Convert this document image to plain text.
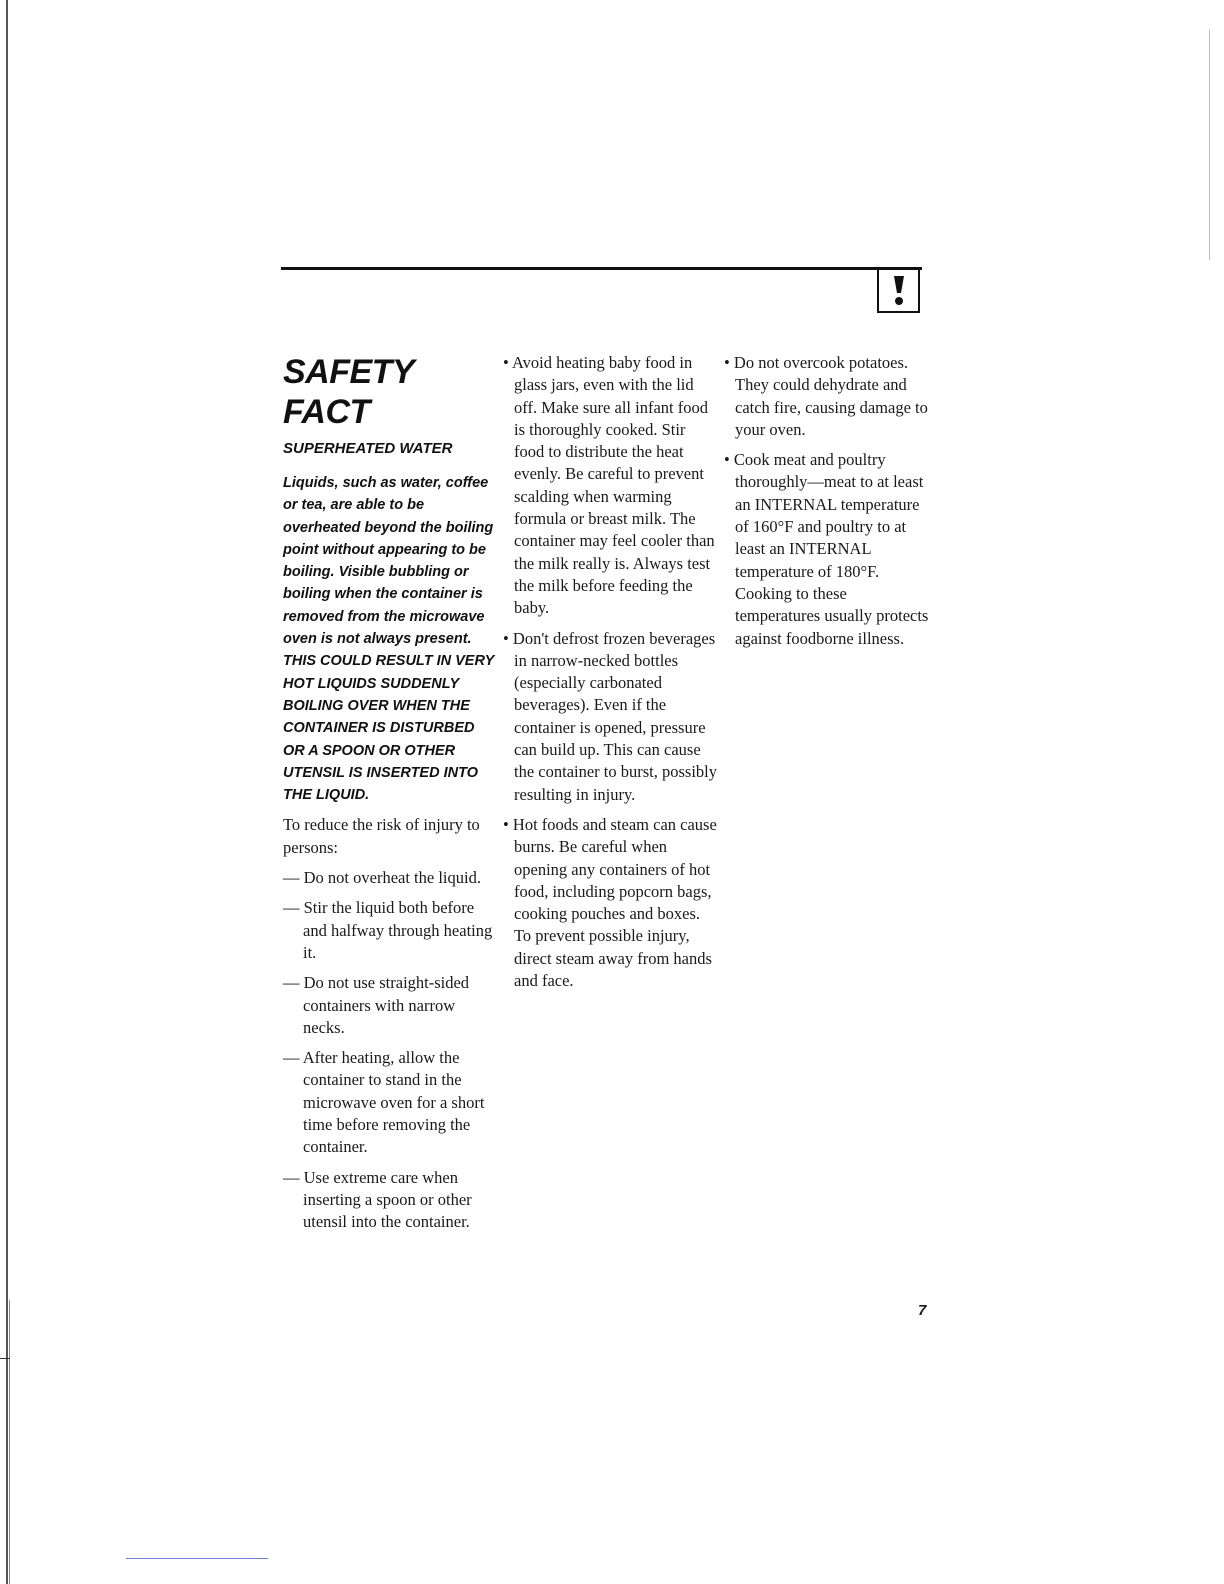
SAFETY FACT
SUPERHEATED WATER

Liquids, such as water, coffee or tea, are able to be overheated beyond the boiling point without appearing to be boiling. Visible bubbling or boiling when the container is removed from the microwave oven is not always present. THIS COULD RESULT IN VERY HOT LIQUIDS SUDDENLY BOILING OVER WHEN THE CONTAINER IS DISTURBED OR A SPOON OR OTHER UTENSIL IS INSERTED INTO THE LIQUID.

To reduce the risk of injury to persons:

— Do not overheat the liquid.

— Stir the liquid both before and halfway through heating it.

— Do not use straight-sided containers with narrow necks.

— After heating, allow the container to stand in the microwave oven for a short time before removing the container.

— Use extreme care when inserting a spoon or other utensil into the container.

• Avoid heating baby food in glass jars, even with the lid off. Make sure all infant food is thoroughly cooked. Stir food to distribute the heat evenly. Be careful to prevent scalding when warming formula or breast milk. The container may feel cooler than the milk really is. Always test the milk before feeding the baby.

• Don't defrost frozen beverages in narrow-necked bottles (especially carbonated beverages). Even if the container is opened, pressure can build up. This can cause the container to burst, possibly resulting in injury.

• Hot foods and steam can cause burns. Be careful when opening any containers of hot food, including popcorn bags, cooking pouches and boxes. To prevent possible injury, direct steam away from hands and face.

• Do not overcook potatoes. They could dehydrate and catch fire, causing damage to your oven.

• Cook meat and poultry thoroughly—meat to at least an INTERNAL temperature of 160°F and poultry to at least an INTERNAL temperature of 180°F. Cooking to these temperatures usually protects against foodborne illness.

7
